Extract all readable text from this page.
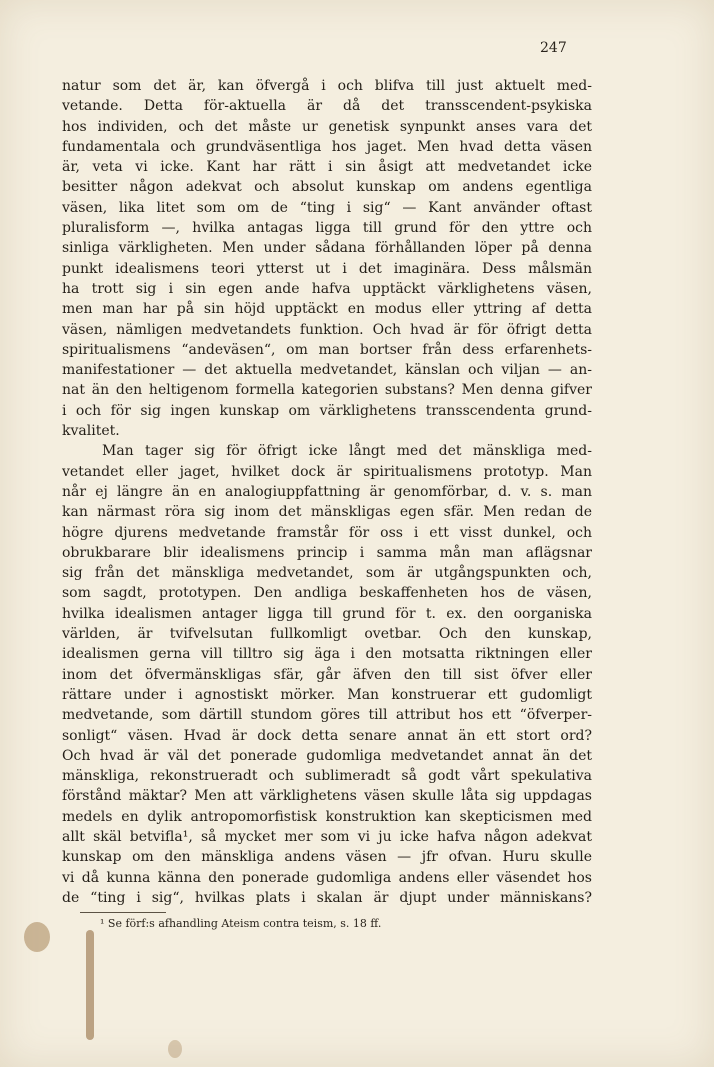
247
natur som det är, kan öfvergå i och blifva till just aktuelt med-
vetande. Detta för-aktuella är då det transscendent-psykiska
hos individen, och det måste ur genetisk synpunkt anses vara det
fundamentala och grundväsentliga hos jaget. Men hvad detta väsen
är, veta vi icke. Kant har rätt i sin åsigt att medvetandet icke
besitter någon adekvat och absolut kunskap om andens egentliga
väsen, lika litet som om de “ting i sig“ — Kant använder oftast
pluralisform —, hvilka antagas ligga till grund för den yttre och
sinliga värkligheten. Men under sådana förhållanden löper på denna
punkt idealismens teori ytterst ut i det imaginära. Dess målsmän
ha trott sig i sin egen ande hafva upptäckt värklighetens väsen,
men man har på sin höjd upptäckt en modus eller yttring af detta
väsen, nämligen medvetandets funktion. Och hvad är för öfrigt detta
spiritualismens “andeväsen“, om man bortser från dess erfarenhets-
manifestationer — det aktuella medvetandet, känslan och viljan — an-
nat än den heltigenom formella kategorien substans? Men denna gifver
i och för sig ingen kunskap om värklighetens transscendenta grund-
kvalitet.
Man tager sig för öfrigt icke långt med det mänskliga med-
vetandet eller jaget, hvilket dock är spiritualismens prototyp. Man
når ej längre än en analogiuppfattning är genomförbar, d. v. s. man
kan närmast röra sig inom det mänskligas egen sfär. Men redan de
högre djurens medvetande framstår för oss i ett visst dunkel, och
obrukbarare blir idealismens princip i samma mån man aflägsnar
sig från det mänskliga medvetandet, som är utgångspunkten och,
som sagdt, prototypen. Den andliga beskaffenheten hos de väsen,
hvilka idealismen antager ligga till grund för t. ex. den oorganiska
världen, är tvifvelsutan fullkomligt ovetbar. Och den kunskap,
idealismen gerna vill tilltro sig äga i den motsatta riktningen eller
inom det öfvermänskligas sfär, går äfven den till sist öfver eller
rättare under i agnostiskt mörker. Man konstruerar ett gudomligt
medvetande, som därtill stundom göres till attribut hos ett “öfverper-
sonligt“ väsen. Hvad är dock detta senare annat än ett stort ord?
Och hvad är väl det ponerade gudomliga medvetandet annat än det
mänskliga, rekonstrueradt och sublimeradt så godt vårt spekulativa
förstånd mäktar? Men att värklighetens väsen skulle låta sig uppdagas
medels en dylik antropomorfistisk konstruktion kan skepticismen med
allt skäl betvifla¹, så mycket mer som vi ju icke hafva någon adekvat
kunskap om den mänskliga andens väsen — jfr ofvan. Huru skulle
vi då kunna känna den ponerade gudomliga andens eller väsendet hos
de “ting i sig“, hvilkas plats i skalan är djupt under människans?
¹ Se förf:s afhandling Ateism contra teism, s. 18 ff.
